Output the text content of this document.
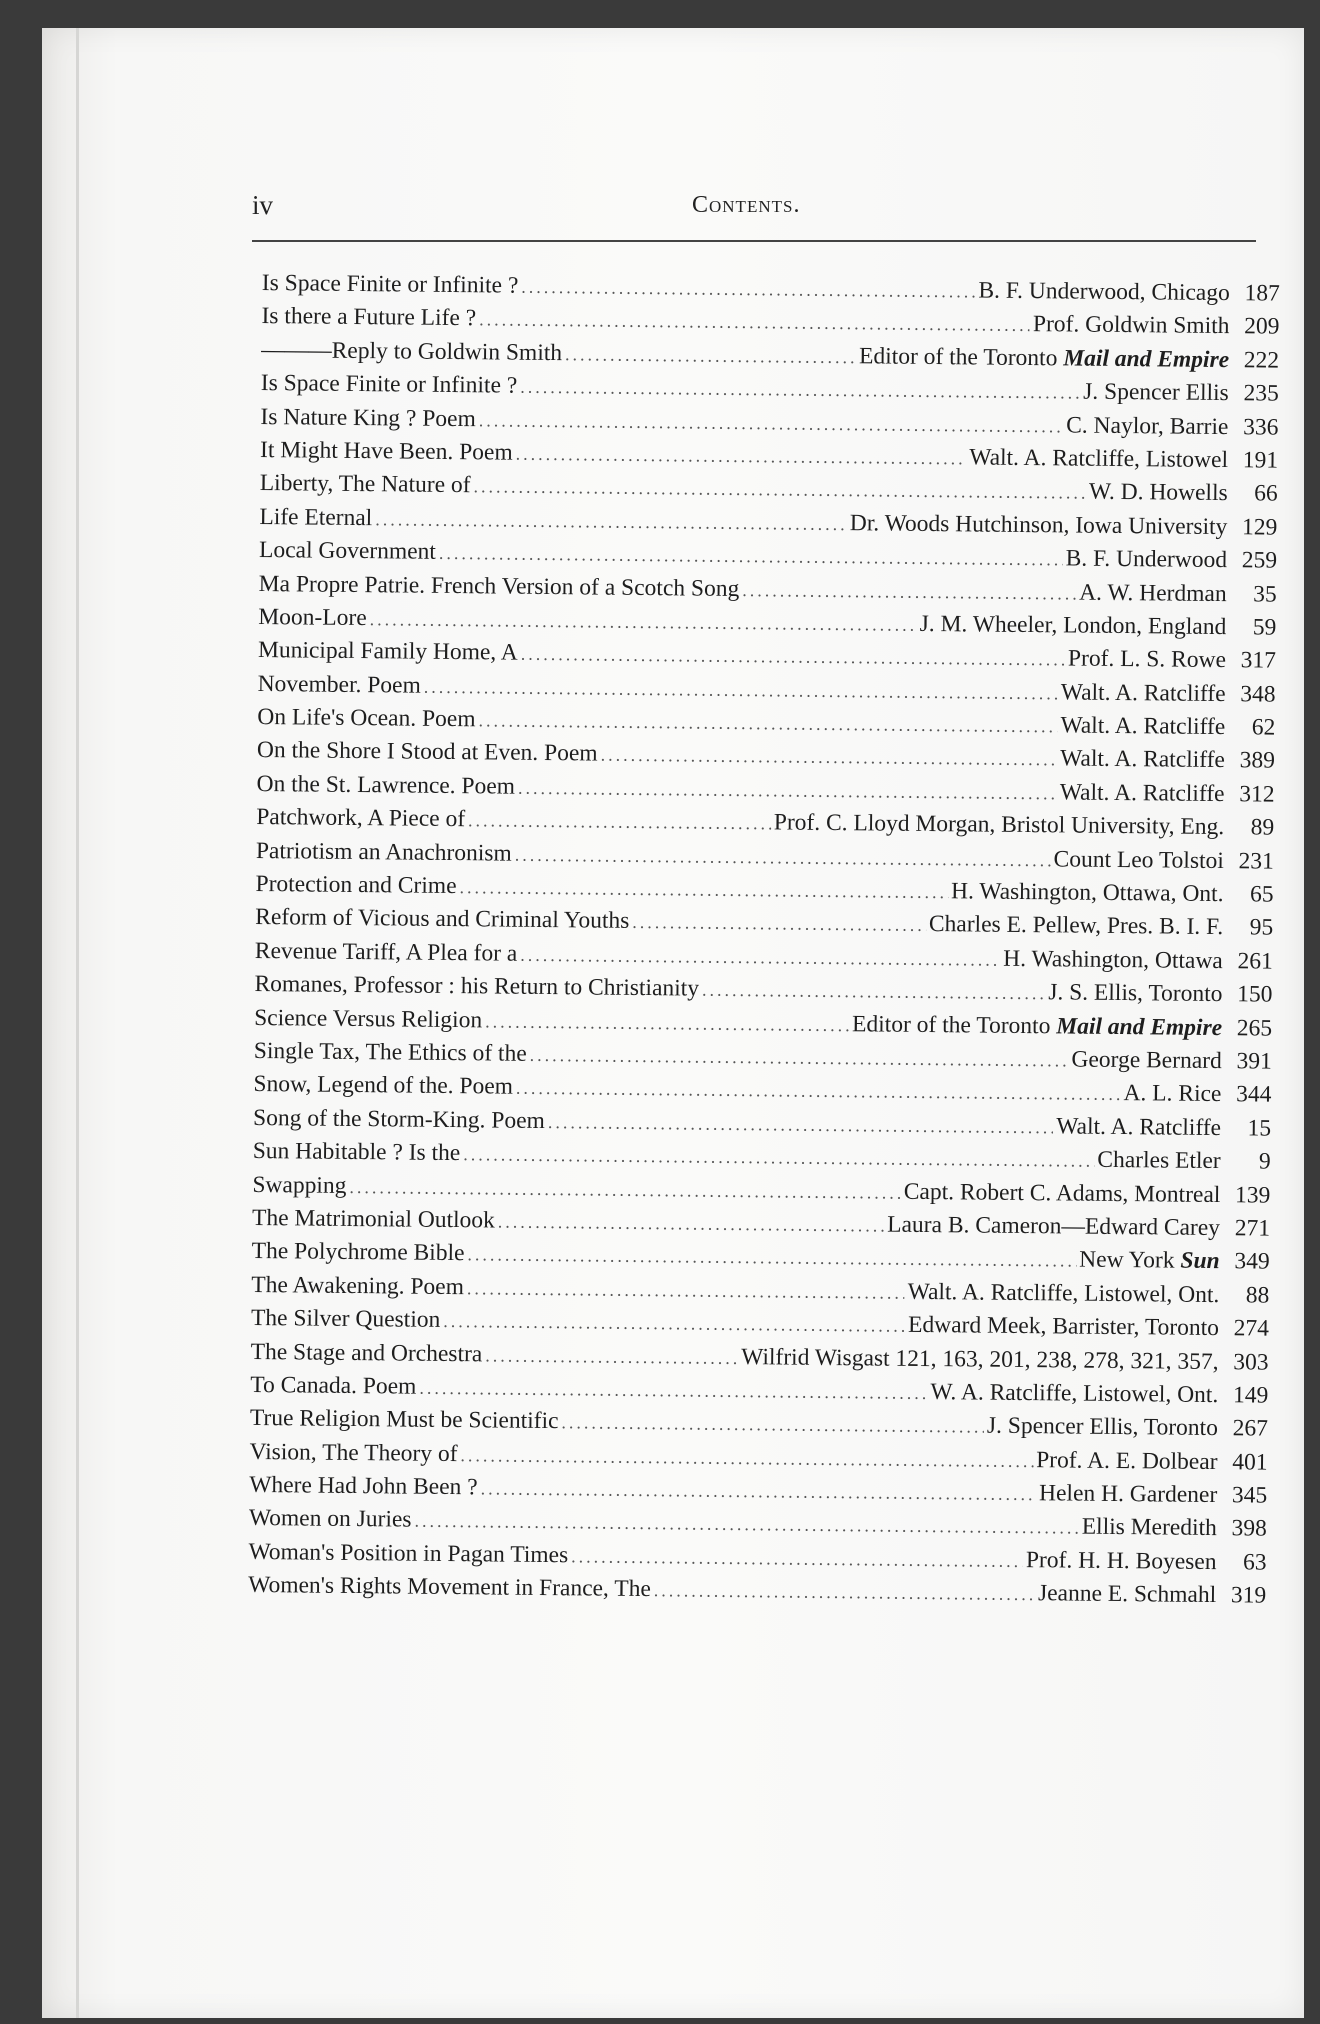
iv	Contents.
Is Space Finite or Infinite ? .....	B. F. Underwood, Chicago 187
Is there a Future Life ? .....	Prof. Goldwin Smith 209
———Reply to Goldwin Smith .....	Editor of the Toronto Mail and Empire 222
Is Space Finite or Infinite ? .....	J. Spencer Ellis 235
Is Nature King ? Poem .....	C. Naylor, Barrie 336
It Might Have Been. Poem .....	Walt. A. Ratcliffe, Listowel 191
Liberty, The Nature of .....	W. D. Howells	66
Life Eternal .....	Dr. Woods Hutchinson, Iowa University 129
Local Government .....	B. F. Underwood 259
Ma Propre Patrie. French Version of a Scotch Song .....	A. W. Herdman	35
Moon-Lore .....	J. M. Wheeler, London, England	59
Municipal Family Home, A .....	Prof. L. S. Rowe 317
November. Poem .....	Walt. A. Ratcliffe 348
On Life's Ocean. Poem .....	Walt. A. Ratcliffe	62
On the Shore I Stood at Even. Poem .....	Walt. A. Ratcliffe 389
On the St. Lawrence. Poem .....	Walt. A. Ratcliffe 312
Patchwork, A Piece of .....	Prof. C. Lloyd Morgan, Bristol University, Eng.	89
Patriotism an Anachronism .....	Count Leo Tolstoi 231
Protection and Crime .....	H. Washington, Ottawa, Ont.	65
Reform of Vicious and Criminal Youths .....	Charles E. Pellew, Pres. B. I. F.	95
Revenue Tariff, A Plea for a .....	H. Washington, Ottawa 261
Romanes, Professor : his Return to Christianity .....	J. S. Ellis, Toronto 150
Science Versus Religion .....	Editor of the Toronto Mail and Empire 265
Single Tax, The Ethics of the .....	George Bernard 391
Snow, Legend of the. Poem .....	A. L. Rice 344
Song of the Storm-King. Poem .....	Walt. A. Ratcliffe	15
Sun Habitable ? Is the .....	Charles Etler	9
Swapping .....	Capt. Robert C. Adams, Montreal 139
The Matrimonial Outlook .....	Laura B. Cameron—Edward Carey 271
The Polychrome Bible .....	New York Sun 349
The Awakening. Poem .....	Walt. A. Ratcliffe, Listowel, Ont.	88
The Silver Question .....	Edward Meek, Barrister, Toronto 274
The Stage and Orchestra .....	Wilfrid Wisgast 121, 163, 201, 238, 278, 321, 357, 303
To Canada. Poem .....	W. A. Ratcliffe, Listowel, Ont. 149
True Religion Must be Scientific .....	J. Spencer Ellis, Toronto 267
Vision, The Theory of .....	Prof. A. E. Dolbear 401
Where Had John Been ? .....	Helen H. Gardener 345
Women on Juries .....	Ellis Meredith 398
Woman's Position in Pagan Times .....	Prof. H. H. Boyesen	63
Women's Rights Movement in France, The .....	Jeanne E. Schmahl 319
